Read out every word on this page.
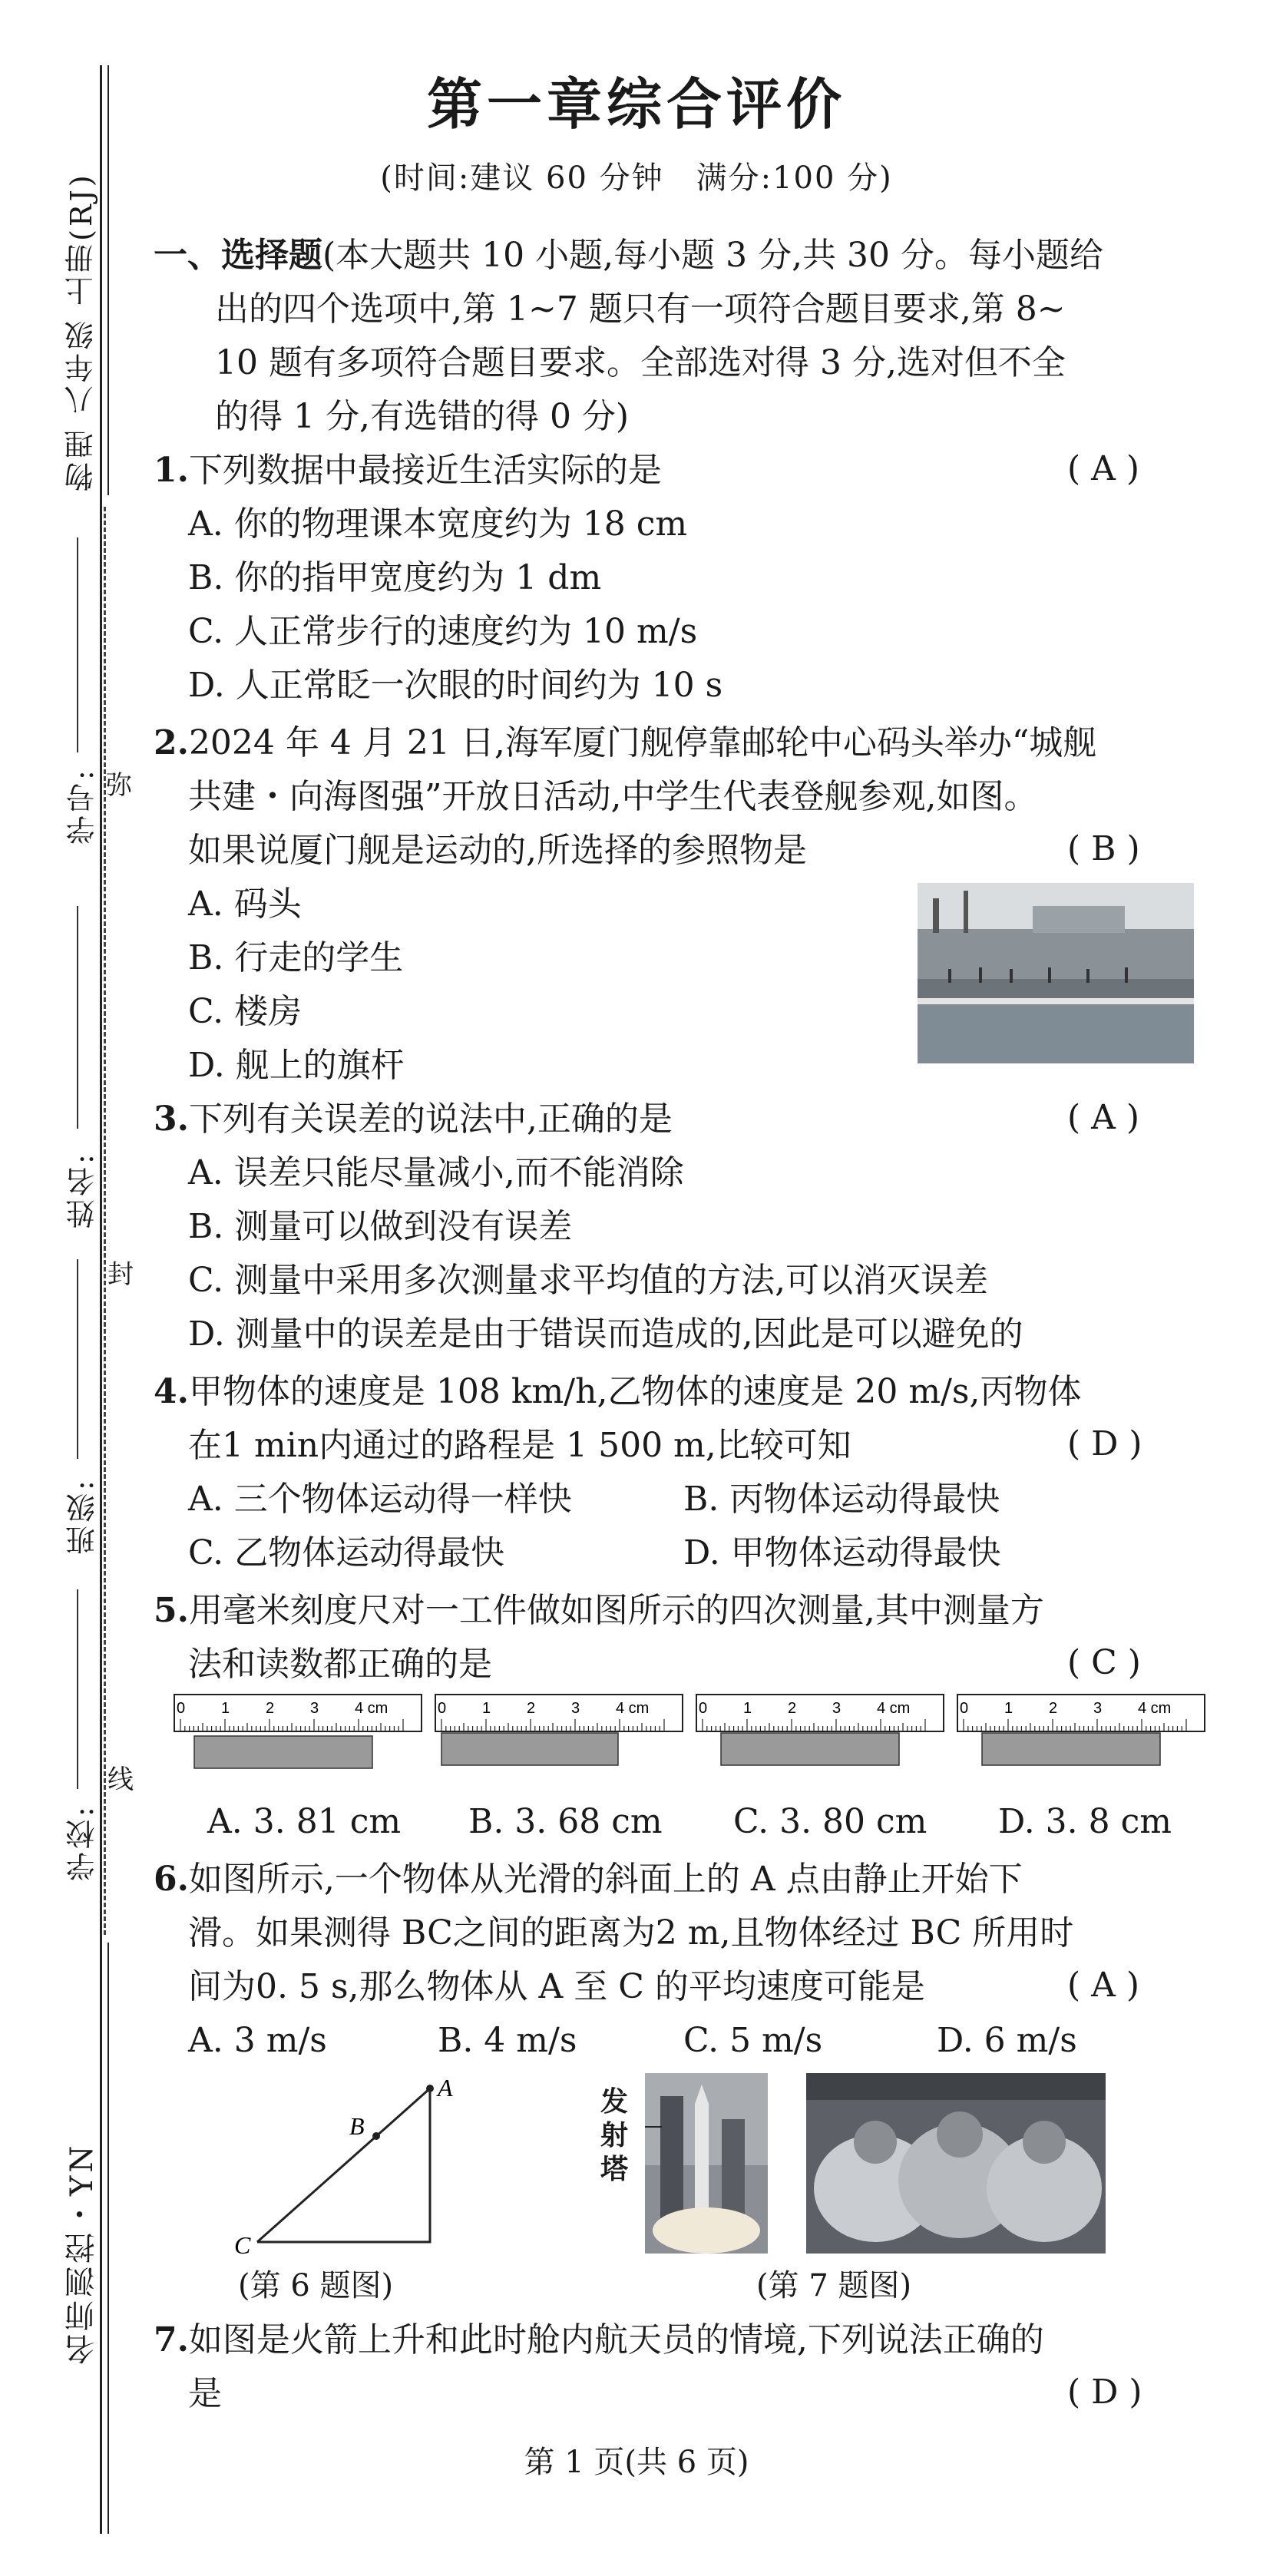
物理 八年级 上册(RJ)
弥
封
线
学号:
姓名:
班级:
学校:
名师测控・YN
第一章综合评价
(时间:建议 60 分钟　满分:100 分)
一、选择题(本大题共 10 小题,每小题 3 分,共 30 分。每小题给
出的四个选项中,第 1~7 题只有一项符合题目要求,第 8~
10 题有多项符合题目要求。全部选对得 3 分,选对但不全
的得 1 分,有选错的得 0 分)
1.下列数据中最接近生活实际的是	( A )
A. 你的物理课本宽度约为 18 cm
B. 你的指甲宽度约为 1 dm
C. 人正常步行的速度约为 10 m/s
D. 人正常眨一次眼的时间约为 10 s
2.2024 年 4 月 21 日,海军厦门舰停靠邮轮中心码头举办“城舰
共建・向海图强”开放日活动,中学生代表登舰参观,如图。
如果说厦门舰是运动的,所选择的参照物是	( B )
A. 码头
B. 行走的学生
C. 楼房
D. 舰上的旗杆
3.下列有关误差的说法中,正确的是	( A )
A. 误差只能尽量减小,而不能消除
B. 测量可以做到没有误差
C. 测量中采用多次测量求平均值的方法,可以消灭误差
D. 测量中的误差是由于错误而造成的,因此是可以避免的
4.甲物体的速度是 108 km/h,乙物体的速度是 20 m/s,丙物体
在1 min内通过的路程是 1 500 m,比较可知	( D )
A. 三个物体运动得一样快	B. 丙物体运动得最快
C. 乙物体运动得最快	D. 甲物体运动得最快
5.用毫米刻度尺对一工件做如图所示的四次测量,其中测量方
法和读数都正确的是	( C )
0 1 2 3 4 cm	0 1 2 3 4 cm	0 1 2 3 4 cm	0 1 2 3 4 cm
A. 3. 81 cm B. 3. 68 cm C. 3. 80 cm D. 3. 8 cm
6.如图所示,一个物体从光滑的斜面上的 A 点由静止开始下
滑。如果测得 BC之间的距离为2 m,且物体经过 BC 所用时
间为0. 5 s,那么物体从 A 至 C 的平均速度可能是	( A )
A. 3 m/s	B. 4 m/s	C. 5 m/s	D. 6 m/s
A
B
C
(第 6 题图)
发
射
塔
(第 7 题图)
7.如图是火箭上升和此时舱内航天员的情境,下列说法正确的
是	( D )
第 1 页(共 6 页)
